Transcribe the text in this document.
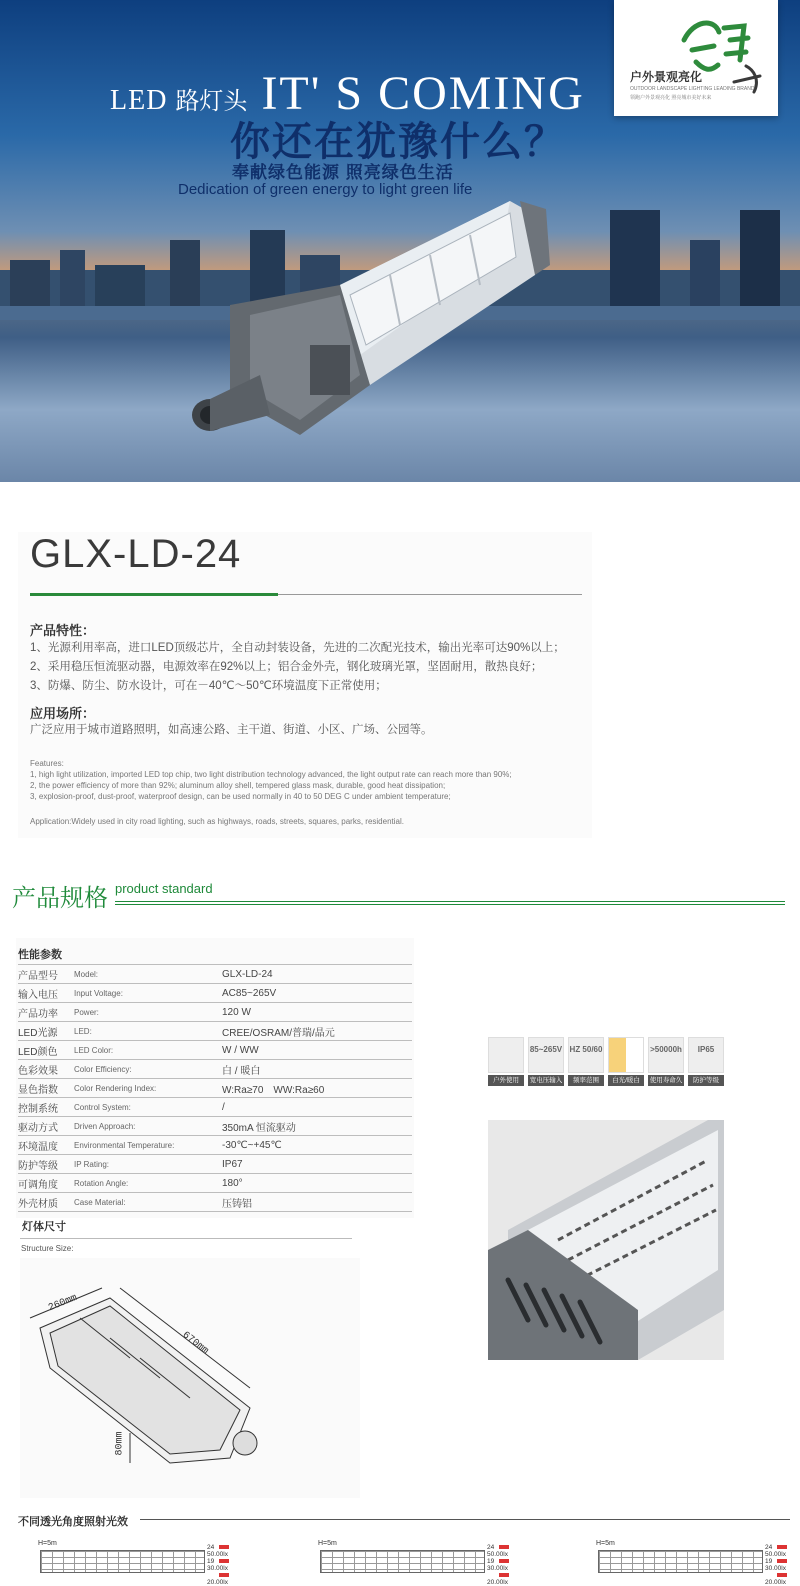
户外景观亮化
OUTDOOR LANDSCAPE LIGHTING LEADING BRAND
领跑户外景观亮化 照亮城市美好未来
LED 路灯头 IT' S COMING
你还在犹豫什么？
奉献绿色能源 照亮绿色生活
Dedication of green energy to light green life
GLX-LD-24
产品特性：
1、光源利用率高，进口LED顶级芯片，全自动封装设备，先进的二次配光技术，输出光率可达90%以上；
2、采用稳压恒流驱动器，电源效率在92%以上；铝合金外壳，钢化玻璃光罩，坚固耐用，散热良好；
3、防爆、防尘、防水设计，可在－40℃～50℃环境温度下正常使用；
应用场所：
广泛应用于城市道路照明，如高速公路、主干道、街道、小区、广场、公园等。
Features:
1, high light utilization, imported LED top chip, two light distribution technology advanced, the light output rate can reach more than 90%;
2, the power efficiency of more than 92%; aluminum alloy shell, tempered glass mask, durable, good heat dissipation;
3, explosion-proof, dust-proof, waterproof design, can be used normally in 40 to 50 DEG C under ambient temperature;
Application:Widely used in city road lighting, such as highways, roads, streets, squares, parks, residential.
产品规格 product standard
性能参数
产品型号	Model:	GLX-LD-24
输入电压	Input Voltage:	AC85~265V
产品功率	Power:	120 W
LED光源	LED:	CREE/OSRAM/普瑞/晶元
LED颜色	LED Color:	W / WW
色彩效果	Color Efficiency:	白 / 暖白
显色指数	Color Rendering Index:	W:Ra≥70　WW:Ra≥60
控制系统	Control System:	/
驱动方式	Driven Approach:	350mA 恒流驱动
环境温度	Environmental Temperature:	-30℃~+45℃
防护等级	IP Rating:	IP67
可调角度	Rotation Angle:	180°
外壳材质	Case Material:	压铸铝
灯体尺寸
Structure Size:
260mm
670mm
80mm
户外使用
85~265V
宽电压输入
HZ 50/60
频率范围	白光/暖白
>50000h
使用寿命久
IP65
防护等级
不同透光角度照射光效
H=5m
2450.00lx
1930.00lx
20.00lx
H=5m
2450.00lx
1930.00lx
20.00lx
H=5m
2450.00lx
1930.00lx
20.00lx
